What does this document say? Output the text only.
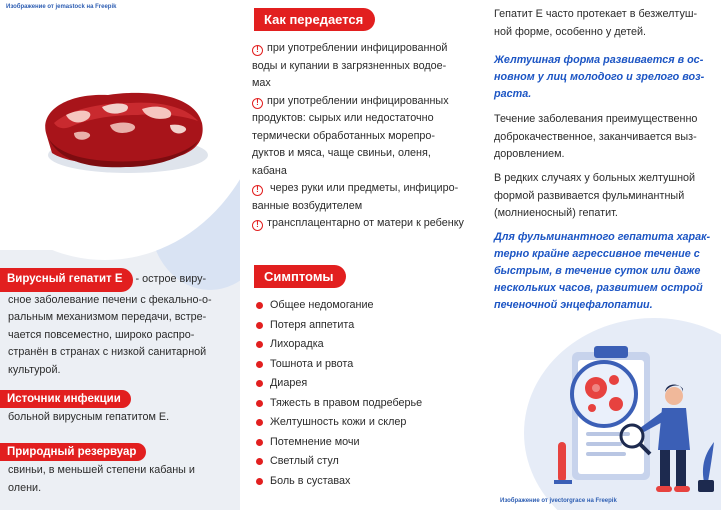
Изображение от jemastock на Freepik
Вирусный гепатит Е - острое виру-
сное заболевание печени с фекально-о-
ральным механизмом передачи, встре-
чается повсеместно, широко распро-
странён в странах с низкой санитарной
культурой.
Источник инфекции
больной вирусным гепатитом Е.
Природный резервуар
свиньи, в меньшей степени кабаны и
олени.
Как передается
! при употреблении инфицированной
воды и купании в загрязненных водое-
мах
! при употреблении инфицированных
продуктов: сырых или недостаточно
термически обработанных морепро-
дуктов и мяса, чаще свиньи, оленя,
кабана
! через руки или предметы, инфициро-
ванные возбудителем
! трансплацентарно от матери к ребенку
Симптомы
Общее недомогание
Потеря аппетита
Лихорадка
Тошнота и рвота
Диарея
Тяжесть в правом подреберье
Желтушность кожи и склер
Потемнение мочи
Светлый стул
Боль в суставах
Гепатит Е часто протекает в безжелтуш-
ной форме, особенно у детей.
Желтушная форма развивается в ос-
новном у лиц молодого и зрелого воз-
раста.
Течение заболевания преимущественно
доброкачественное, заканчивается выз-
доровлением.
В редких случаях у больных желтушной
формой развивается фульминантный
(молниеносный) гепатит.
Для фульминантного гепатита харак-
терно крайне агрессивное течение с
быстрым, в течение суток или даже
нескольких часов, развитием острой
печеночной энцефалопатии.
Изображение от jvectorgrace на Freepik
